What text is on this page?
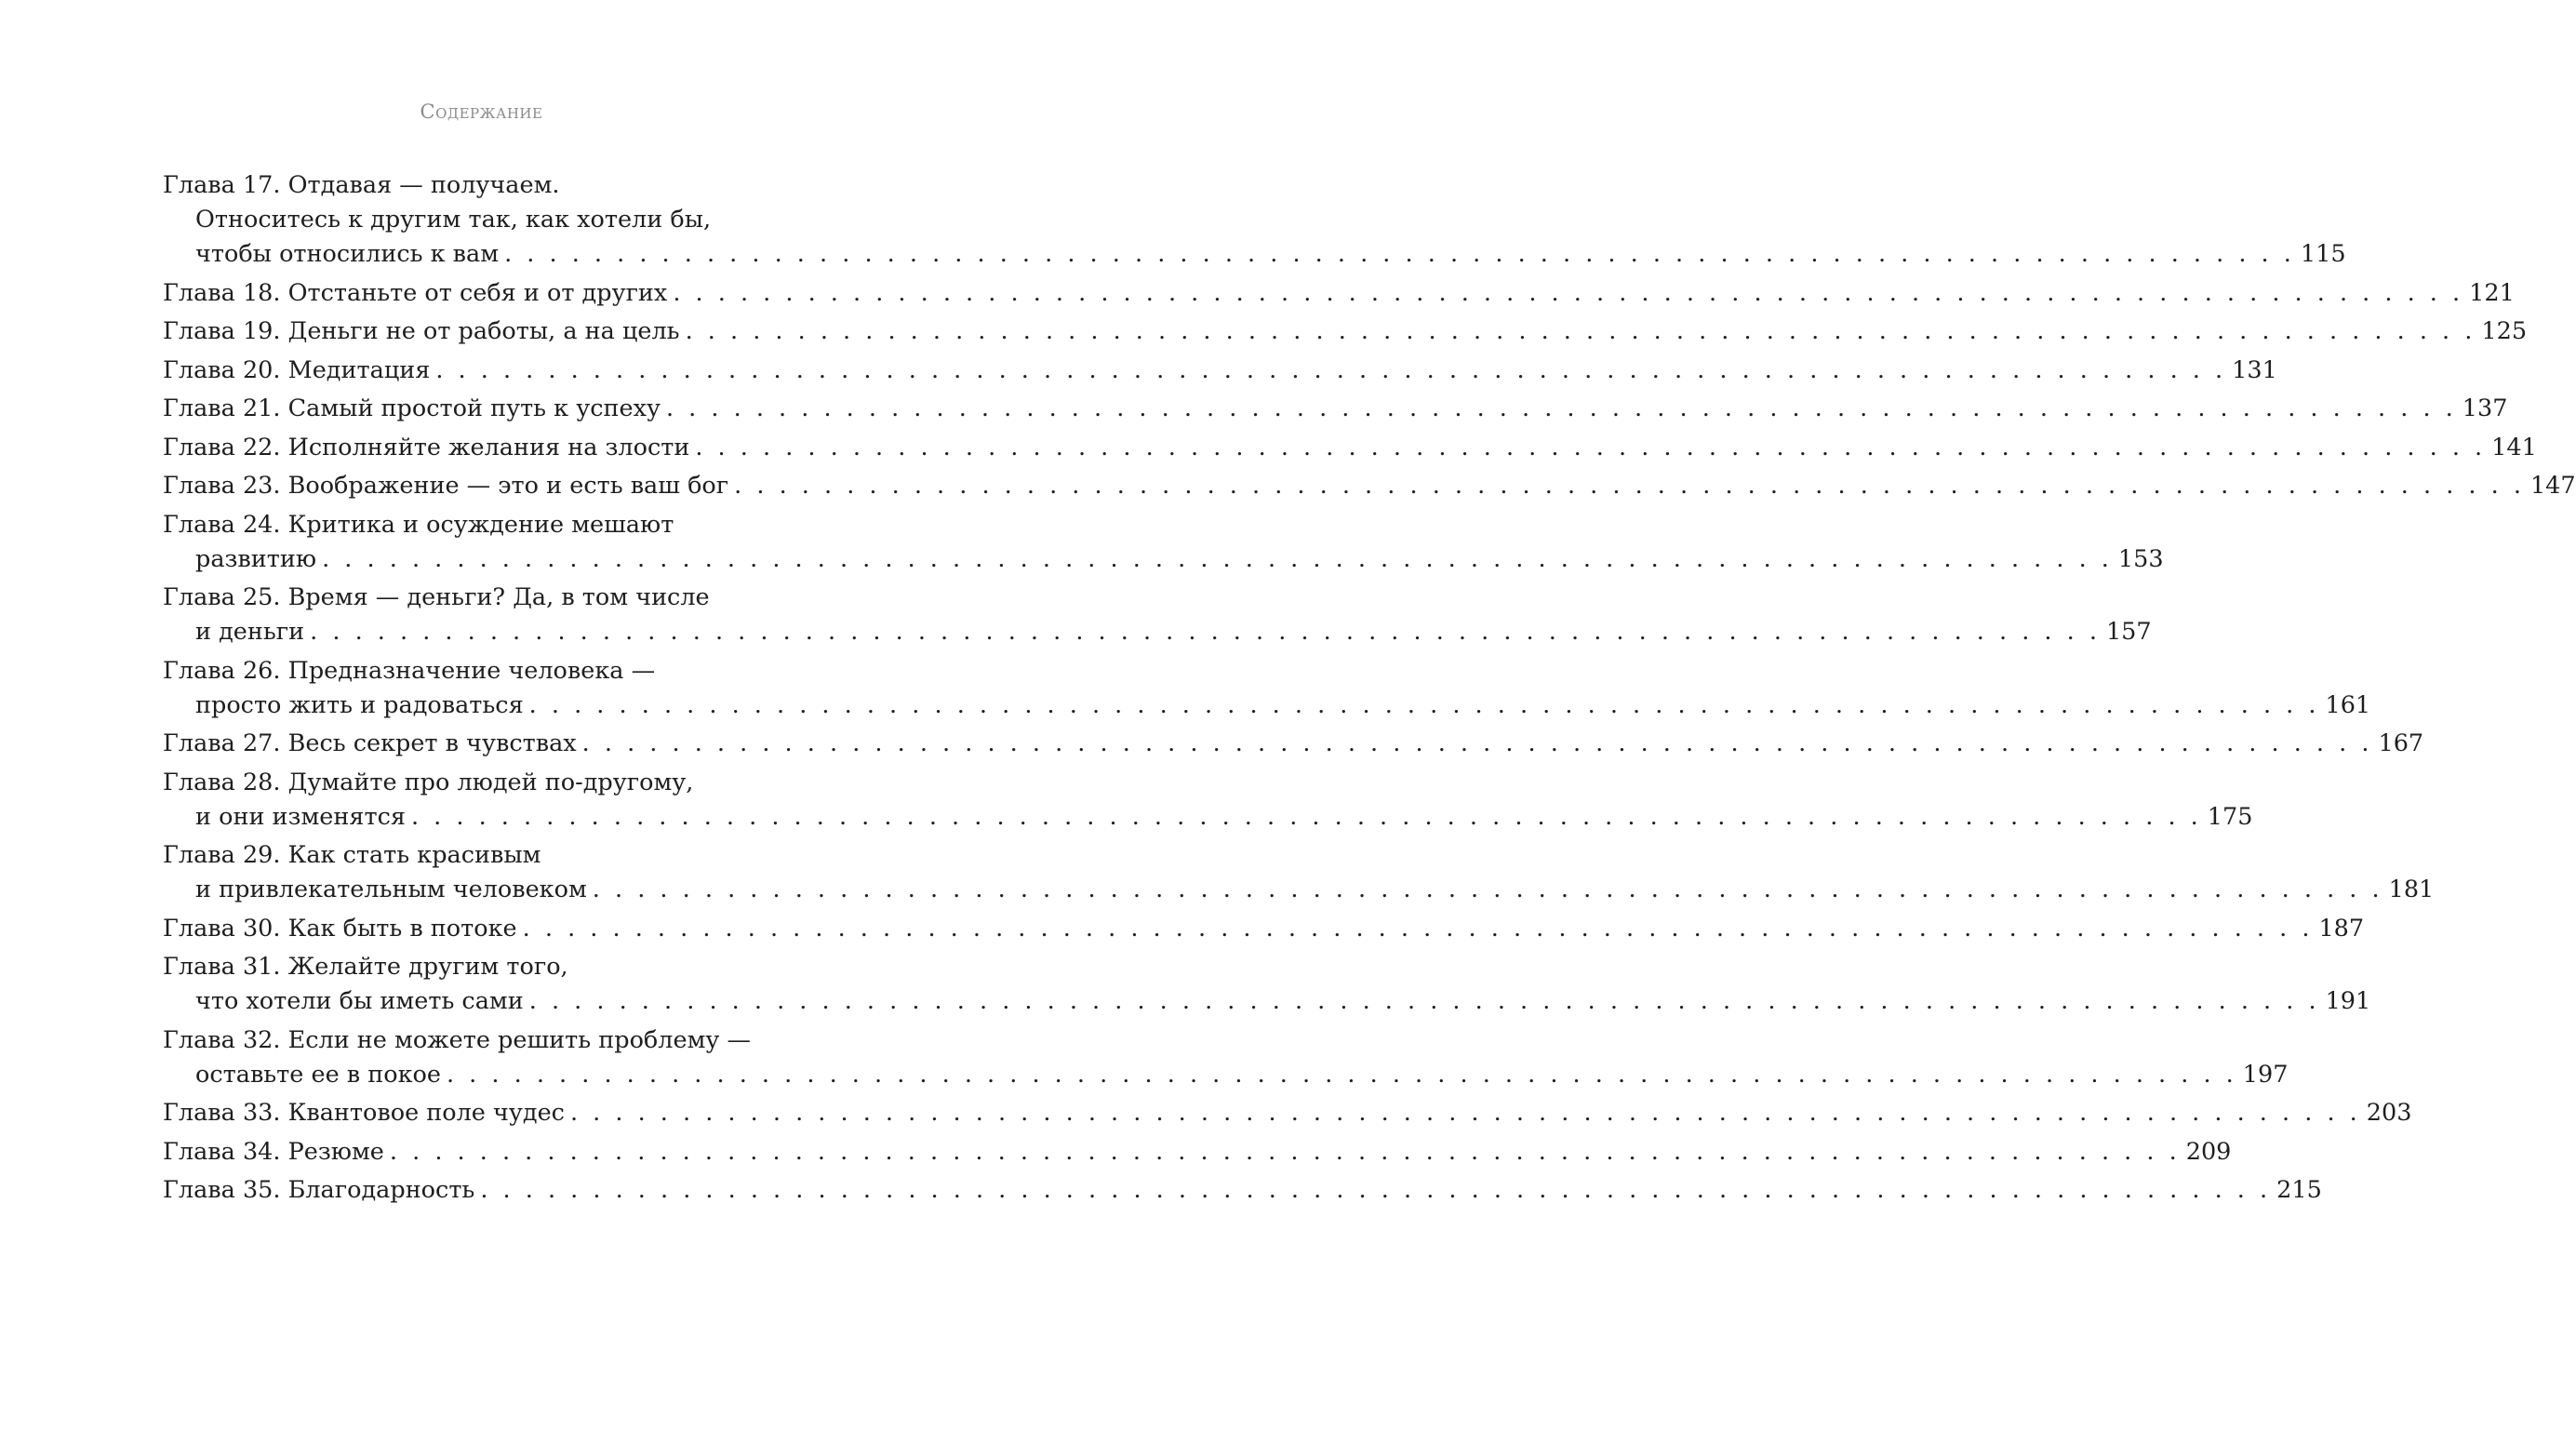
Содержание
Глава 17. Отдавая — получаем.
Относитесь к другим так, как хотели бы,
чтобы относились к вам . . . . . . . . . . . . . . . . . . . . . . . . . . . . . . . . . . . . . . . . . . . . . . . . . . . . . . . . . . . . . . . . . . . . . . . . . . . . . . . . 115
Глава 18. Отстаньте от себя и от других . . . . . . . . . . . . . . . . . . . . . . . . . . . . . . . . . . . . . . . . . . . . . . . . . . . . . . . . . . . . . . . . . . . . . . . . . . . . . . . . 121
Глава 19. Деньги не от работы, а на цель . . . . . . . . . . . . . . . . . . . . . . . . . . . . . . . . . . . . . . . . . . . . . . . . . . . . . . . . . . . . . . . . . . . . . . . . . . . . . . . . 125
Глава 20. Медитация . . . . . . . . . . . . . . . . . . . . . . . . . . . . . . . . . . . . . . . . . . . . . . . . . . . . . . . . . . . . . . . . . . . . . . . . . . . . . . . . 131
Глава 21. Самый простой путь к успеху . . . . . . . . . . . . . . . . . . . . . . . . . . . . . . . . . . . . . . . . . . . . . . . . . . . . . . . . . . . . . . . . . . . . . . . . . . . . . . . . 137
Глава 22. Исполняйте желания на злости . . . . . . . . . . . . . . . . . . . . . . . . . . . . . . . . . . . . . . . . . . . . . . . . . . . . . . . . . . . . . . . . . . . . . . . . . . . . . . . . 141
Глава 23. Воображение — это и есть ваш бог . . . . . . . . . . . . . . . . . . . . . . . . . . . . . . . . . . . . . . . . . . . . . . . . . . . . . . . . . . . . . . . . . . . . . . . . . . . . . . . . 147
Глава 24. Критика и осуждение мешают
развитию . . . . . . . . . . . . . . . . . . . . . . . . . . . . . . . . . . . . . . . . . . . . . . . . . . . . . . . . . . . . . . . . . . . . . . . . . . . . . . . . 153
Глава 25. Время — деньги? Да, в том числе
и деньги . . . . . . . . . . . . . . . . . . . . . . . . . . . . . . . . . . . . . . . . . . . . . . . . . . . . . . . . . . . . . . . . . . . . . . . . . . . . . . . . 157
Глава 26. Предназначение человека —
просто жить и радоваться . . . . . . . . . . . . . . . . . . . . . . . . . . . . . . . . . . . . . . . . . . . . . . . . . . . . . . . . . . . . . . . . . . . . . . . . . . . . . . . . 161
Глава 27. Весь секрет в чувствах . . . . . . . . . . . . . . . . . . . . . . . . . . . . . . . . . . . . . . . . . . . . . . . . . . . . . . . . . . . . . . . . . . . . . . . . . . . . . . . . 167
Глава 28. Думайте про людей по-другому,
и они изменятся . . . . . . . . . . . . . . . . . . . . . . . . . . . . . . . . . . . . . . . . . . . . . . . . . . . . . . . . . . . . . . . . . . . . . . . . . . . . . . . . 175
Глава 29. Как стать красивым
и привлекательным человеком . . . . . . . . . . . . . . . . . . . . . . . . . . . . . . . . . . . . . . . . . . . . . . . . . . . . . . . . . . . . . . . . . . . . . . . . . . . . . . . . 181
Глава 30. Как быть в потоке . . . . . . . . . . . . . . . . . . . . . . . . . . . . . . . . . . . . . . . . . . . . . . . . . . . . . . . . . . . . . . . . . . . . . . . . . . . . . . . . 187
Глава 31. Желайте другим того,
что хотели бы иметь сами . . . . . . . . . . . . . . . . . . . . . . . . . . . . . . . . . . . . . . . . . . . . . . . . . . . . . . . . . . . . . . . . . . . . . . . . . . . . . . . . 191
Глава 32. Если не можете решить проблему —
оставьте ее в покое . . . . . . . . . . . . . . . . . . . . . . . . . . . . . . . . . . . . . . . . . . . . . . . . . . . . . . . . . . . . . . . . . . . . . . . . . . . . . . . . 197
Глава 33. Квантовое поле чудес . . . . . . . . . . . . . . . . . . . . . . . . . . . . . . . . . . . . . . . . . . . . . . . . . . . . . . . . . . . . . . . . . . . . . . . . . . . . . . . . 203
Глава 34. Резюме . . . . . . . . . . . . . . . . . . . . . . . . . . . . . . . . . . . . . . . . . . . . . . . . . . . . . . . . . . . . . . . . . . . . . . . . . . . . . . . . 209
Глава 35. Благодарность . . . . . . . . . . . . . . . . . . . . . . . . . . . . . . . . . . . . . . . . . . . . . . . . . . . . . . . . . . . . . . . . . . . . . . . . . . . . . . . . 215
